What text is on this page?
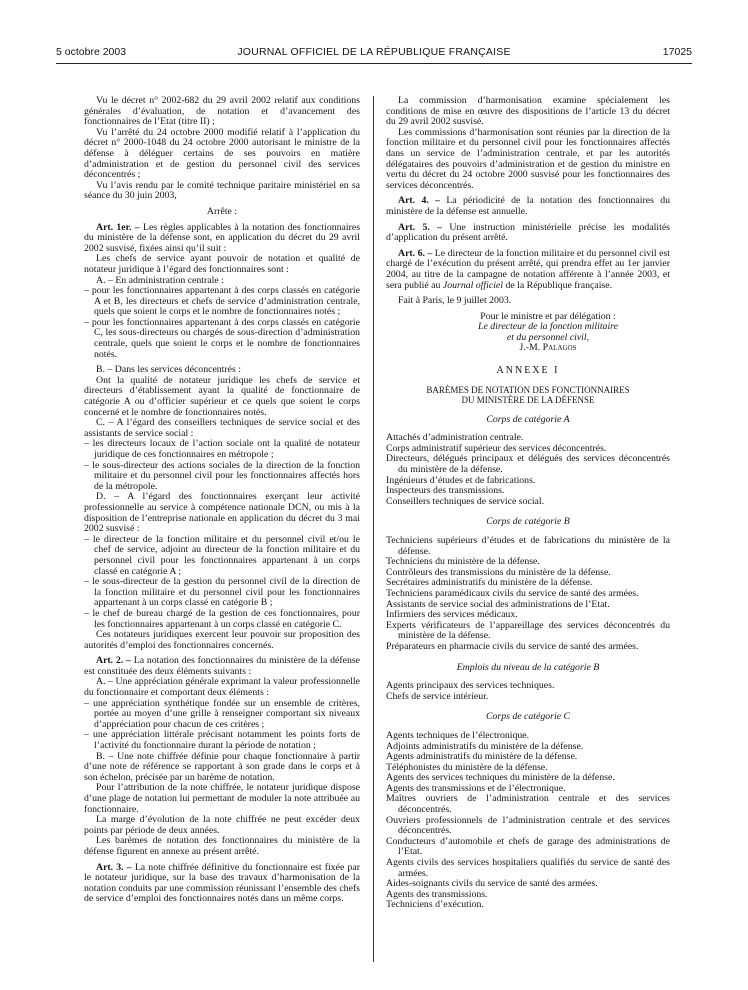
5 octobre 2003	JOURNAL OFFICIEL DE LA RÉPUBLIQUE FRANÇAISE	17025

Vu le décret n° 2002-682 du 29 avril 2002 relatif aux conditions générales d’évaluation, de notation et d’avancement des fonctionnaires de l’Etat (titre II) ;

Vu l’arrêté du 24 octobre 2000 modifié relatif à l’application du décret n° 2000-1048 du 24 octobre 2000 autorisant le ministre de la défense à déléguer certains de ses pouvoirs en matière d’administration et de gestion du personnel civil des services déconcentrés ;

Vu l’avis rendu par le comité technique paritaire ministériel en sa séance du 30 juin 2003,

Arrête :

Art. 1er. – Les règles applicables à la notation des fonctionnaires du ministère de la défense sont, en application du décret du 29 avril 2002 susvisé, fixées ainsi qu’il suit :

Les chefs de service ayant pouvoir de notation et qualité de notateur juridique à l’égard des fonctionnaires sont :

A. – En administration centrale :

– pour les fonctionnaires appartenant à des corps classés en catégorie A et B, les directeurs et chefs de service d’administration centrale, quels que soient le corps et le nombre de fonctionnaires notés ;

– pour les fonctionnaires appartenant à des corps classés en catégorie C, les sous-directeurs ou chargés de sous-direction d’administration centrale, quels que soient le corps et le nombre de fonctionnaires notés.

B. – Dans les services déconcentrés :

Ont la qualité de notateur juridique les chefs de service et directeurs d’établissement ayant la qualité de fonctionnaire de catégorie A ou d’officier supérieur et ce quels que soient le corps concerné et le nombre de fonctionnaires notés.

C. – A l’égard des conseillers techniques de service social et des assistants de service social :

– les directeurs locaux de l’action sociale ont la qualité de notateur juridique de ces fonctionnaires en métropole ;

– le sous-directeur des actions sociales de la direction de la fonction militaire et du personnel civil pour les fonctionnaires affectés hors de la métropole.

D. – A l’égard des fonctionnaires exerçant leur activité professionnelle au service à compétence nationale DCN, ou mis à la disposition de l’entreprise nationale en application du décret du 3 mai 2002 susvisé :

– le directeur de la fonction militaire et du personnel civil et/ou le chef de service, adjoint au directeur de la fonction militaire et du personnel civil pour les fonctionnaires appartenant à un corps classé en catégorie A ;

– le sous-directeur de la gestion du personnel civil de la direction de la fonction militaire et du personnel civil pour les fonctionnaires appartenant à un corps classé en catégorie B ;

– le chef de bureau chargé de la gestion de ces fonctionnaires, pour les fonctionnaires appartenant à un corps classé en catégorie C.

Ces notateurs juridiques exercent leur pouvoir sur proposition des autorités d’emploi des fonctionnaires concernés.

Art. 2. – La notation des fonctionnaires du ministère de la défense est constituée des deux éléments suivants :

A. – Une appréciation générale exprimant la valeur professionnelle du fonctionnaire et comportant deux éléments :

– une appréciation synthétique fondée sur un ensemble de critères, portée au moyen d’une grille à renseigner comportant six niveaux d’appréciation pour chacun de ces critères ;

– une appréciation littérale précisant notamment les points forts de l’activité du fonctionnaire durant la période de notation ;

B. – Une note chiffrée définie pour chaque fonctionnaire à partir d’une note de référence se rapportant à son grade dans le corps et à son échelon, précisée par un barème de notation.

Pour l’attribution de la note chiffrée, le notateur juridique dispose d’une plage de notation lui permettant de moduler la note attribuée au fonctionnaire.

La marge d’évolution de la note chiffrée ne peut excéder deux points par période de deux années.

Les barèmes de notation des fonctionnaires du ministère de la défense figurent en annexe au présent arrêté.

Art. 3. – La note chiffrée définitive du fonctionnaire est fixée par le notateur juridique, sur la base des travaux d’harmonisation de la notation conduits par une commission réunissant l’ensemble des chefs de service d’emploi des fonctionnaires notés dans un même corps.

La commission d’harmonisation examine spécialement les conditions de mise en œuvre des dispositions de l’article 13 du décret du 29 avril 2002 susvisé.

Les commissions d’harmonisation sont réunies par la direction de la fonction militaire et du personnel civil pour les fonctionnaires affectés dans un service de l’administration centrale, et par les autorités délégataires des pouvoirs d’administration et de gestion du ministre en vertu du décret du 24 octobre 2000 susvisé pour les fonctionnaires des services déconcentrés.

Art. 4. – La périodicité de la notation des fonctionnaires du ministère de la défense est annuelle.

Art. 5. – Une instruction ministérielle précise les modalités d’application du présent arrêté.

Art. 6. – Le directeur de la fonction militaire et du personnel civil est chargé de l’exécution du présent arrêté, qui prendra effet au 1er janvier 2004, au titre de la campagne de notation afférente à l’année 2003, et sera publié au Journal officiel de la République française.

Fait à Paris, le 9 juillet 2003.

Pour le ministre et par délégation :

Le directeur de la fonction militaire

et du personnel civil,

J.-M. Palagos

ANNEXE I

BARÈMES DE NOTATION DES FONCTIONNAIRES

DU MINISTÈRE DE LA DÉFENSE

Corps de catégorie A

Attachés d’administration centrale.

Corps administratif supérieur des services déconcentrés.

Directeurs, délégués principaux et délégués des services déconcentrés du ministère de la défense.

Ingénieurs d’études et de fabrications.

Inspecteurs des transmissions.

Conseillers techniques de service social.

Corps de catégorie B

Techniciens supérieurs d’études et de fabrications du ministère de la défense.

Techniciens du ministère de la défense.

Contrôleurs des transmissions du ministère de la défense.

Secrétaires administratifs du ministère de la défense.

Techniciens paramédicaux civils du service de santé des armées.

Assistants de service social des administrations de l’Etat.

Infirmiers des services médicaux.

Experts vérificateurs de l’appareillage des services déconcentrés du ministère de la défense.

Préparateurs en pharmacie civils du service de santé des armées.

Emplois du niveau de la catégorie B

Agents principaux des services techniques.

Chefs de service intérieur.

Corps de catégorie C

Agents techniques de l’électronique.

Adjoints administratifs du ministère de la défense.

Agents administratifs du ministère de la défense.

Téléphonistes du ministère de la défense.

Agents des services techniques du ministère de la défense.

Agents des transmissions et de l’électronique.

Maîtres ouvriers de l’administration centrale et des services déconcentrés.

Ouvriers professionnels de l’administration centrale et des services déconcentrés.

Conducteurs d’automobile et chefs de garage des administrations de l’Etat.

Agents civils des services hospitaliers qualifiés du service de santé des armées.

Aides-soignants civils du service de santé des armées.

Agents des transmissions.

Techniciens d’exécution.
